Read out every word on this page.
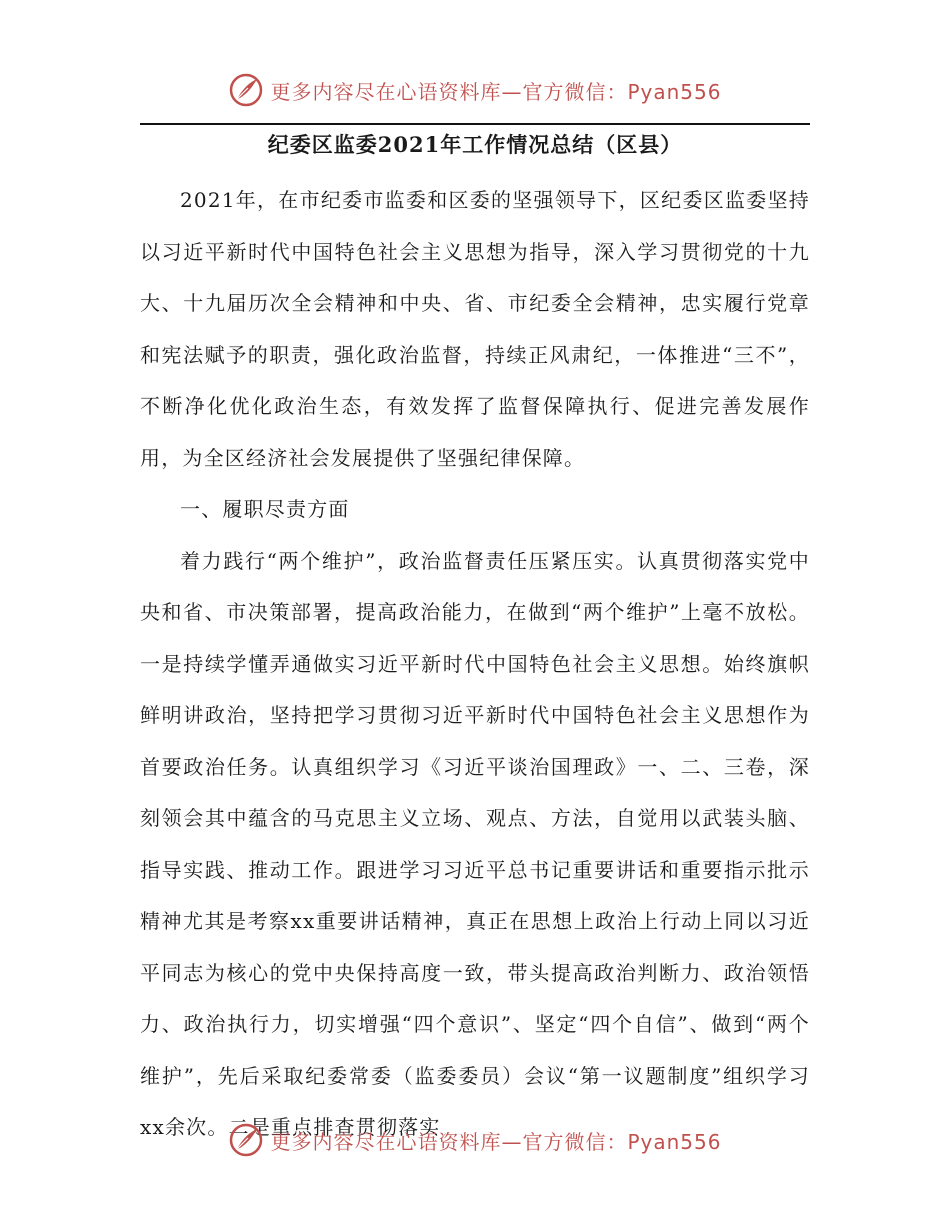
更多内容尽在心语资料库—官方微信：Pyan556
纪委区监委2021年工作情况总结（区县）

2021年，在市纪委市监委和区委的坚强领导下，区纪委区监委坚持以习近平新时代中国特色社会主义思想为指导，深入学习贯彻党的十九大、十九届历次全会精神和中央、省、市纪委全会精神，忠实履行党章和宪法赋予的职责，强化政治监督，持续正风肃纪，一体推进“三不”，不断净化优化政治生态，有效发挥了监督保障执行、促进完善发展作用，为全区经济社会发展提供了坚强纪律保障。

一、履职尽责方面

着力践行“两个维护”，政治监督责任压紧压实。认真贯彻落实党中央和省、市决策部署，提高政治能力，在做到“两个维护”上毫不放松。一是持续学懂弄通做实习近平新时代中国特色社会主义思想。始终旗帜鲜明讲政治，坚持把学习贯彻习近平新时代中国特色社会主义思想作为首要政治任务。认真组织学习《习近平谈治国理政》一、二、三卷，深刻领会其中蕴含的马克思主义立场、观点、方法，自觉用以武装头脑、指导实践、推动工作。跟进学习习近平总书记重要讲话和重要指示批示精神尤其是考察xx重要讲话精神，真正在思想上政治上行动上同以习近平同志为核心的党中央保持高度一致，带头提高政治判断力、政治领悟力、政治执行力，切实增强“四个意识”、坚定“四个自信”、做到“两个维护”，先后采取纪委常委（监委委员）会议“第一议题制度”组织学习xx余次。二是重点排查贯彻落实

更多内容尽在心语资料库—官方微信：Pyan556
